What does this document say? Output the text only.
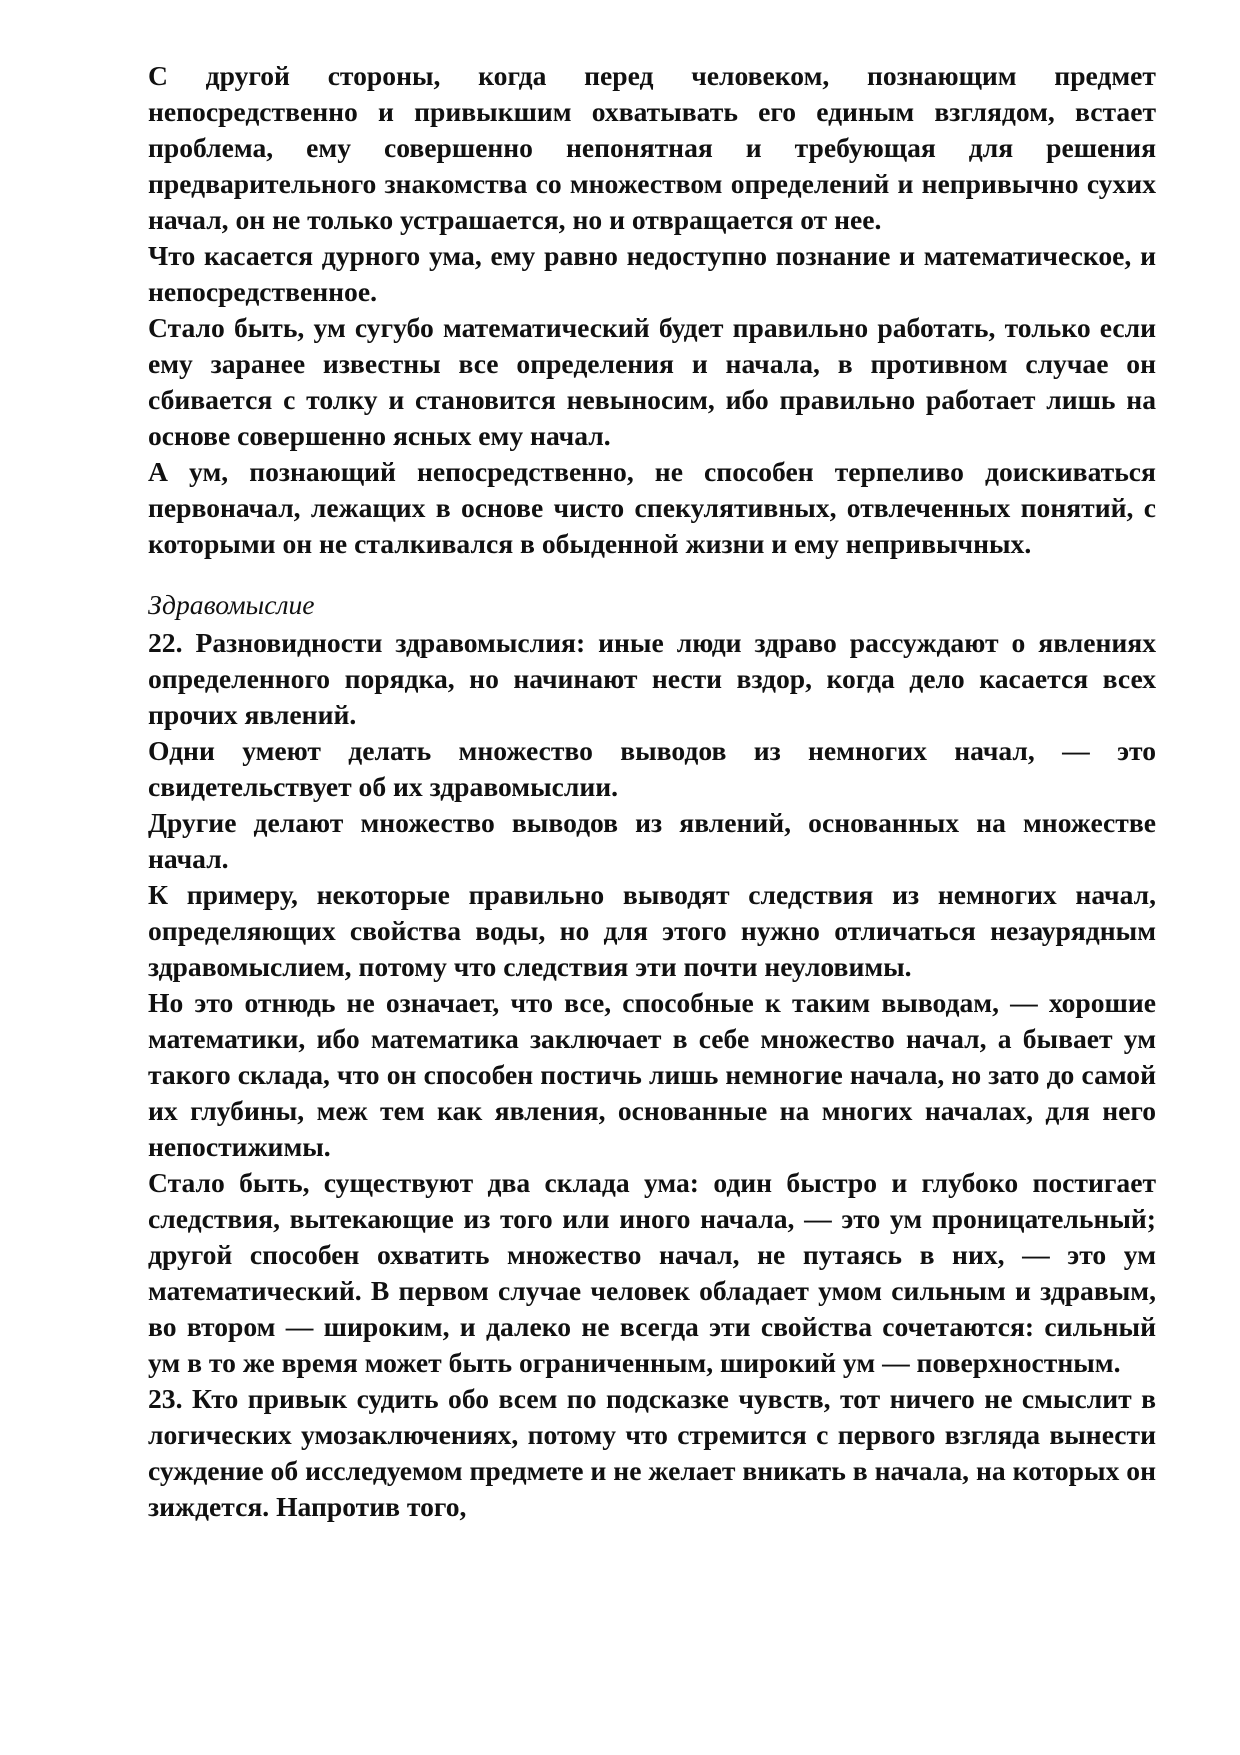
С другой стороны, когда перед человеком, познающим предмет непосредственно и привыкшим охватывать его единым взглядом, встает проблема, ему совершенно непонятная и требующая для решения предварительного знакомства со множеством определений и непривычно сухих начал, он не только устрашается, но и отвращается от нее.

Что касается дурного ума, ему равно недоступно познание и математическое, и непосредственное.

Стало быть, ум сугубо математический будет правильно работать, только если ему заранее известны все определения и начала, в противном случае он сбивается с толку и становится невыносим, ибо правильно работает лишь на основе совершенно ясных ему начал.

А ум, познающий непосредственно, не способен терпеливо доискиваться первоначал, лежащих в основе чисто спекулятивных, отвлеченных понятий, с которыми он не сталкивался в обыденной жизни и ему непривычных.

Здравомыслие

22. Разновидности здравомыслия: иные люди здраво рассуждают о явлениях определенного порядка, но начинают нести вздор, когда дело касается всех прочих явлений.

Одни умеют делать множество выводов из немногих начал, — это свидетельствует об их здравомыслии.

Другие делают множество выводов из явлений, основанных на множестве начал.

К примеру, некоторые правильно выводят следствия из немногих начал, определяющих свойства воды, но для этого нужно отличаться незаурядным здравомыслием, потому что следствия эти почти неуловимы.

Но это отнюдь не означает, что все, способные к таким выводам, — хорошие математики, ибо математика заключает в себе множество начал, а бывает ум такого склада, что он способен постичь лишь немногие начала, но зато до самой их глубины, меж тем как явления, основанные на многих началах, для него непостижимы.

Стало быть, существуют два склада ума: один быстро и глубоко постигает следствия, вытекающие из того или иного начала, — это ум проницательный; другой способен охватить множество начал, не путаясь в них, — это ум математический. В первом случае человек обладает умом сильным и здравым, во втором — широким, и далеко не всегда эти свойства сочетаются: сильный ум в то же время может быть ограниченным, широкий ум — поверхностным.

23. Кто привык судить обо всем по подсказке чувств, тот ничего не смыслит в логических умозаключениях, потому что стремится с первого взгляда вынести суждение об исследуемом предмете и не желает вникать в начала, на которых он зиждется. Напротив того,
